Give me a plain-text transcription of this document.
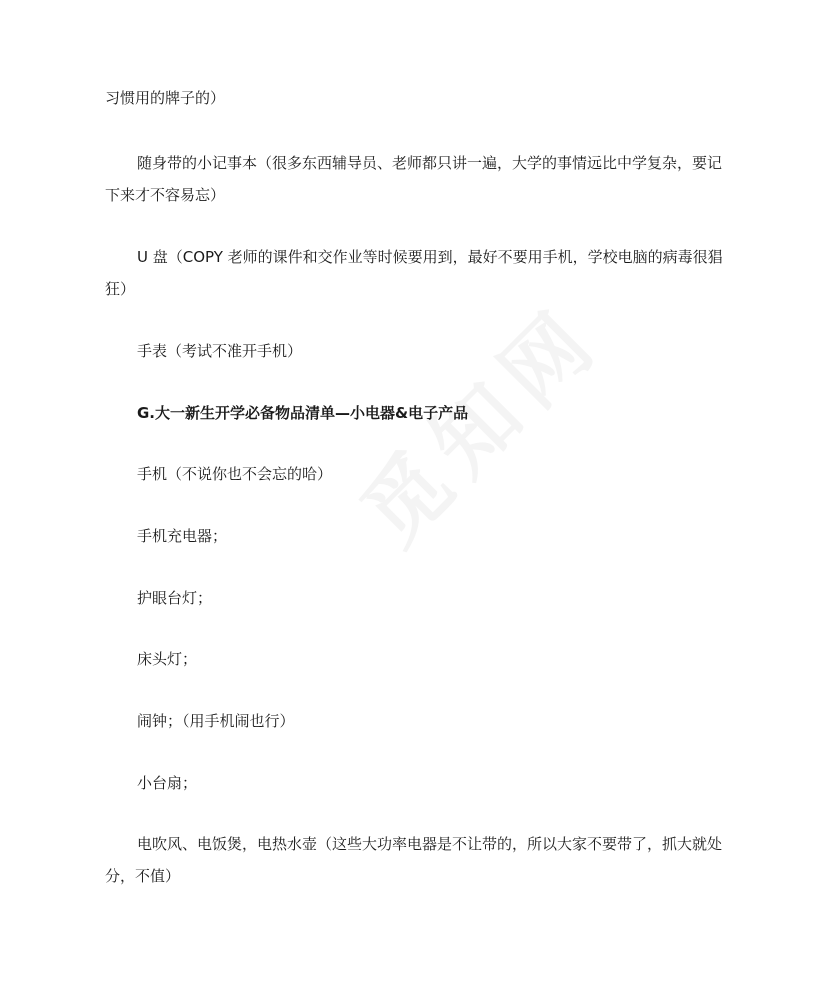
习惯用的牌子的）
随身带的小记事本（很多东西辅导员、老师都只讲一遍，大学的事情远比中学复杂，要记下来才不容易忘）
U 盘（COPY 老师的课件和交作业等时候要用到，最好不要用手机，学校电脑的病毒很猖狂）
手表（考试不准开手机）
G.大一新生开学必备物品清单—小电器&电子产品
手机（不说你也不会忘的哈）
手机充电器；
护眼台灯；
床头灯；
闹钟；（用手机闹也行）
小台扇；
电吹风、电饭煲，电热水壶（这些大功率电器是不让带的，所以大家不要带了，抓大就处分，不值）
